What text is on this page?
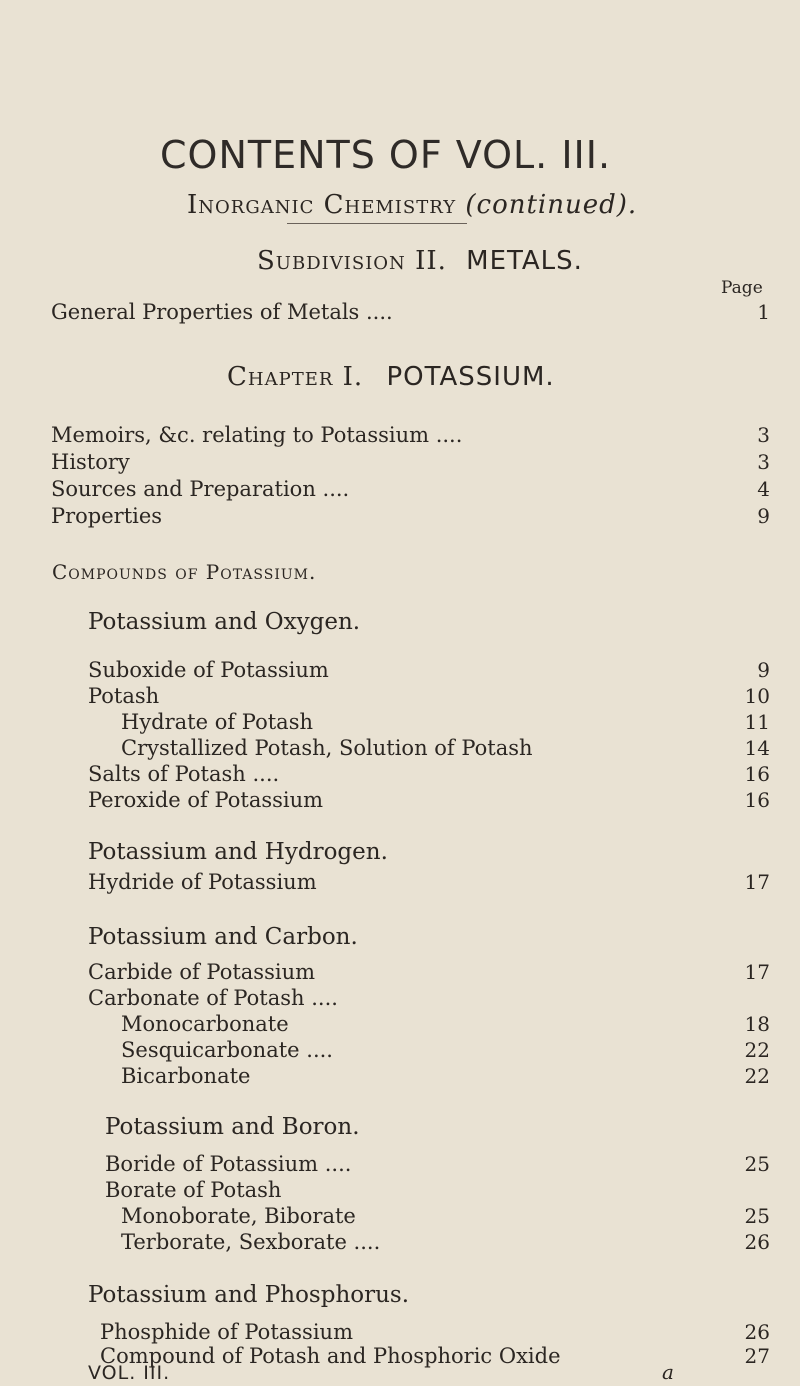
CONTENTS OF VOL. III.
Inorganic Chemistry (continued).
Subdivision II. METALS.
Page
General Properties of Metals ....	1
Chapter I. POTASSIUM.
Memoirs, &c. relating to Potassium ....	3
History	3
Sources and Preparation ....	4
Properties	9
Compounds of Potassium.
Potassium and Oxygen.
Suboxide of Potassium	9
Potash	10
Hydrate of Potash	11
Crystallized Potash, Solution of Potash	14
Salts of Potash ....	16
Peroxide of Potassium	16
Potassium and Hydrogen.
Hydride of Potassium	17
Potassium and Carbon.
Carbide of Potassium	17
Carbonate of Potash ....
Monocarbonate	18
Sesquicarbonate ....	22
Bicarbonate	22
Potassium and Boron.
Boride of Potassium ....	25
Borate of Potash
Monoborate, Biborate	25
Terborate, Sexborate ....	26
Potassium and Phosphorus.
Phosphide of Potassium	26
Compound of Potash and Phosphoric Oxide	27
VOL. III.	a
